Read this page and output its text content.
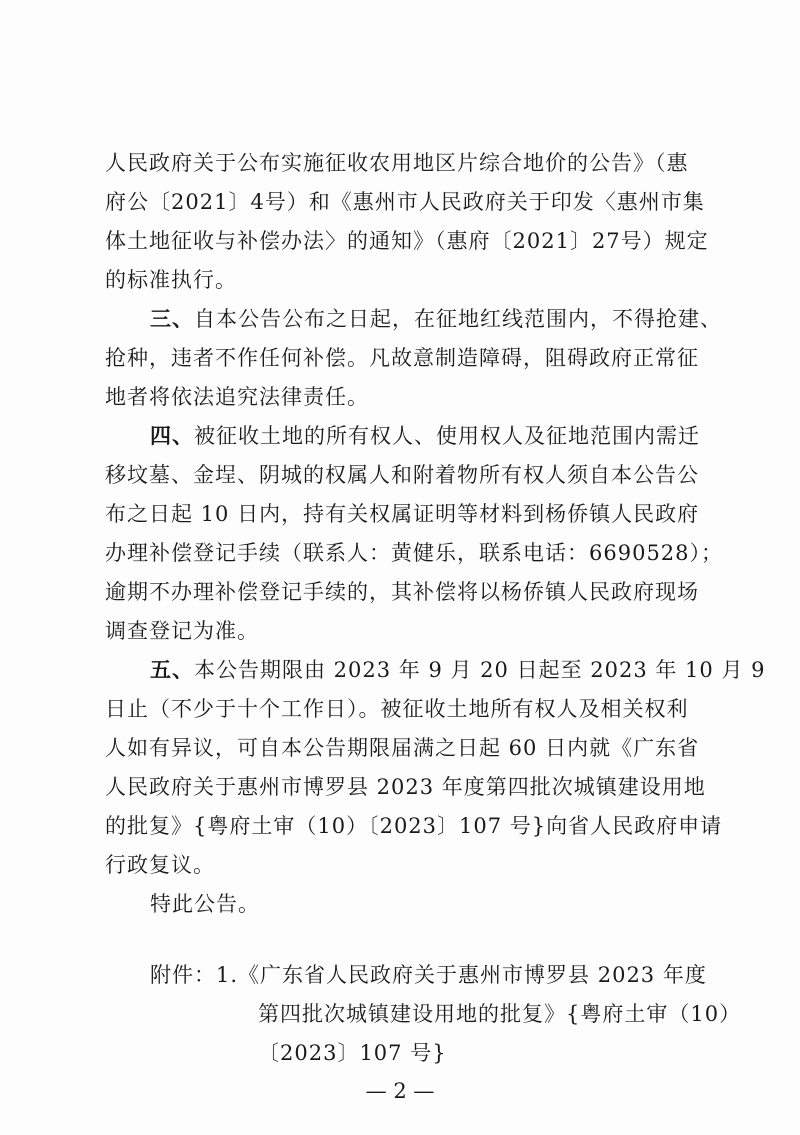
人民政府关于公布实施征收农用地区片综合地价的公告》（惠
府公〔2021〕4号）和《惠州市人民政府关于印发〈惠州市集
体土地征收与补偿办法〉的通知》（惠府〔2021〕27号）规定
的标准执行。
三、自本公告公布之日起，在征地红线范围内，不得抢建、
抢种，违者不作任何补偿。凡故意制造障碍，阻碍政府正常征
地者将依法追究法律责任。
四、被征收土地的所有权人、使用权人及征地范围内需迁
移坟墓、金埕、阴城的权属人和附着物所有权人须自本公告公
布之日起 10 日内，持有关权属证明等材料到杨侨镇人民政府
办理补偿登记手续（联系人：黄健乐，联系电话：6690528）；
逾期不办理补偿登记手续的，其补偿将以杨侨镇人民政府现场
调查登记为准。
五、本公告期限由 2023 年 9 月 20 日起至 2023 年 10 月 9
日止（不少于十个工作日）。被征收土地所有权人及相关权利
人如有异议，可自本公告期限届满之日起 60 日内就《广东省
人民政府关于惠州市博罗县 2023 年度第四批次城镇建设用地
的批复》{粤府土审（10）〔2023〕107 号}向省人民政府申请
行政复议。
特此公告。
附件：1.《广东省人民政府关于惠州市博罗县 2023 年度
第四批次城镇建设用地的批复》{粤府土审（10）
〔2023〕107 号}
— 2 —
